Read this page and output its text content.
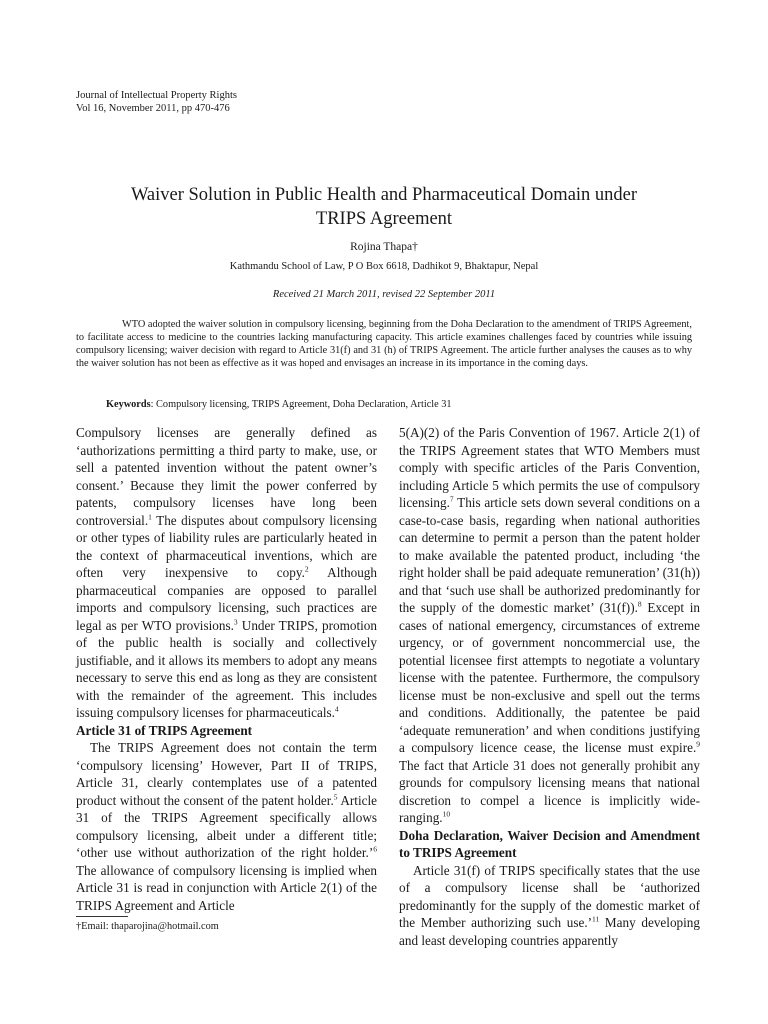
Journal of Intellectual Property Rights
Vol 16, November 2011, pp 470-476
Waiver Solution in Public Health and Pharmaceutical Domain under
TRIPS Agreement
Rojina Thapa†
Kathmandu School of Law, P O Box 6618, Dadhikot 9, Bhaktapur, Nepal
Received 21 March 2011, revised 22 September 2011
WTO adopted the waiver solution in compulsory licensing, beginning from the Doha Declaration to the amendment of TRIPS Agreement, to facilitate access to medicine to the countries lacking manufacturing capacity. This article examines challenges faced by countries while issuing compulsory licensing; waiver decision with regard to Article 31(f) and 31 (h) of TRIPS Agreement. The article further analyses the causes as to why the waiver solution has not been as effective as it was hoped and envisages an increase in its importance in the coming days.
Keywords: Compulsory licensing, TRIPS Agreement, Doha Declaration, Article 31

Compulsory licenses are generally defined as ‘authorizations permitting a third party to make, use, or sell a patented invention without the patent owner’s consent.’ Because they limit the power conferred by patents, compulsory licenses have long been controversial.$^1$ The disputes about compulsory licensing or other types of liability rules are particularly heated in the context of pharmaceutical inventions, which are often very inexpensive to copy.$^2$ Although pharmaceutical companies are opposed to parallel imports and compulsory licensing, such practices are legal as per WTO provisions.$^3$ Under TRIPS, promotion of the public health is socially and collectively justifiable, and it allows its members to adopt any means necessary to serve this end as long as they are consistent with the remainder of the agreement. This includes issuing compulsory licenses for pharmaceuticals.$^4$

Article 31 of TRIPS Agreement

The TRIPS Agreement does not contain the term ‘compulsory licensing’ However, Part II of TRIPS, Article 31, clearly contemplates use of a patented product without the consent of the patent holder.$^5$ Article 31 of the TRIPS Agreement specifically allows compulsory licensing, albeit under a different title; ‘other use without authorization of the right holder.’$^6$ The allowance of compulsory licensing is implied when Article 31 is read in conjunction with Article 2(1) of the TRIPS Agreement and Article

5(A)(2) of the Paris Convention of 1967. Article 2(1) of the TRIPS Agreement states that WTO Members must comply with specific articles of the Paris Convention, including Article 5 which permits the use of compulsory licensing.$^7$ This article sets down several conditions on a case-to-case basis, regarding when national authorities can determine to permit a person than the patent holder to make available the patented product, including ‘the right holder shall be paid adequate remuneration’ (31(h)) and that ‘such use shall be authorized predominantly for the supply of the domestic market’ (31(f)).$^8$ Except in cases of national emergency, circumstances of extreme urgency, or of government noncommercial use, the potential licensee first attempts to negotiate a voluntary license with the patentee. Furthermore, the compulsory license must be non-exclusive and spell out the terms and conditions. Additionally, the patentee be paid ‘adequate remuneration’ and when conditions justifying a compulsory licence cease, the license must expire.$^9$ The fact that Article 31 does not generally prohibit any grounds for compulsory licensing means that national discretion to compel a licence is implicitly wide-ranging.$^{10}$

Doha Declaration, Waiver Decision and Amendment to TRIPS Agreement

Article 31(f) of TRIPS specifically states that the use of a compulsory license shall be ‘authorized predominantly for the supply of the domestic market of the Member authorizing such use.’$^{11}$ Many developing and least developing countries apparently

†Email: thaparojina@hotmail.com
